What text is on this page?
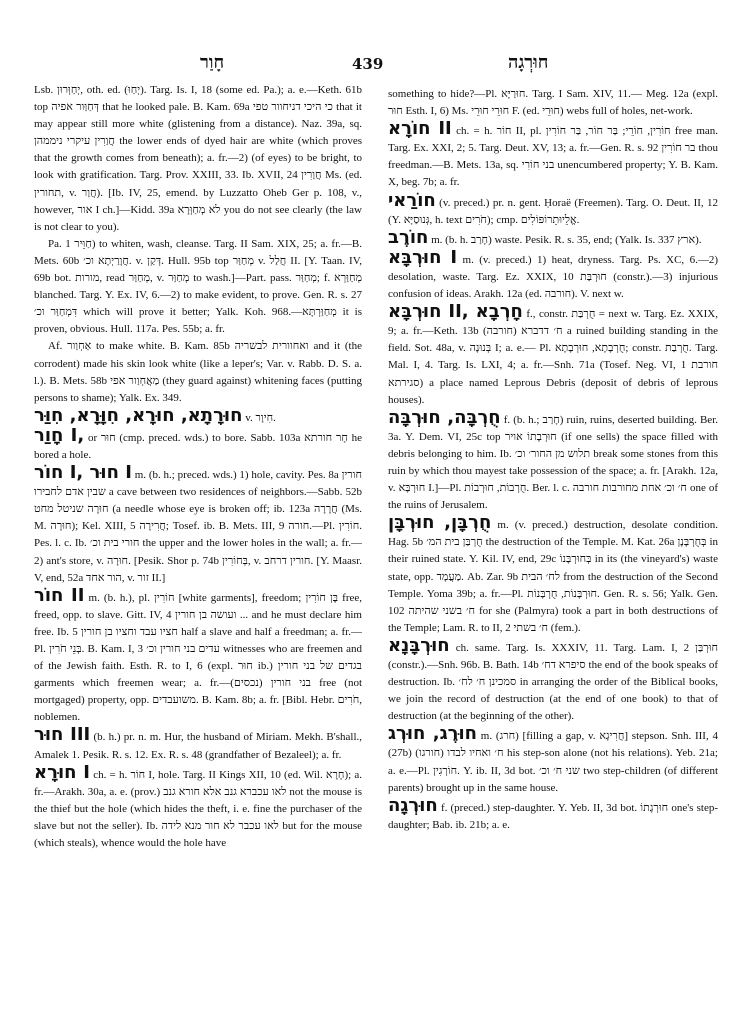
חָוַר	439	חוּרְגָה

Lsb. יְחַוְּרוּן, oth. ed. (יְחַוּ). Targ. Is. I, 18 (some ed. Pa.); a. e.—Keth. 61b top דְּחַוַּור אפיה that he looked pale. B. Kam. 69a כי היכי דניחוור טפי that it may appear still more white (glistening from a distance). Naz. 39a, sq. חֲוַרִין עיקרי ניממהן the lower ends of dyed hair are white (which proves that the growth comes from beneath); a. fr.—2) (of eyes) to be bright, to look with gratification. Targ. Prov. XXIII, 33. Ib. XVII, 24 חֲוַרִין Ms. (ed. תחורין, v. חֲוַר). [Ib. IV, 25, emend. by Luzzatto Oheb Ger p. 108, v., however, אור I ch.]—Kidd. 39a לא מְחַוְּרָא you do not see clearly (the law is not clear to you).

Pa. חַוֵּיר 1) to whiten, wash, cleanse. Targ. II Sam. XIX, 25; a. fr.—B. Mets. 60b חֲוָרַיְתָא וכ׳. v. דְּקַן. Hull. 95b top מְחַוַּר v. חֲלַל II. [Y. Taan. IV, 69b bot. מורות, read מְחַוַּר, v. מְחַוַּר to wash.]—Part. pass. מְחַוַּר; f. מְחַוַּרְא blanched. Targ. Y. Ex. IV, 6.—2) to make evident, to prove. Gen. R. s. 27 דִּמְחַוַּר וכ׳ which will prove it better; Yalk. Koh. 968.—מְחַוַּרְתָּא it is proven, obvious. Hull. 117a. Pes. 55b; a. fr.

Af. אַחְוַור to make white. B. Kam. 85b ואחוורית לבשריה and it (the corrodent) made his skin look white (like a leper's; Var. v. Rabb. D. S. a. l.). B. Mets. 58b מַאֲחְוַור אפי (they guard against) whitening faces (putting persons to shame); Yalk. Ex. 349.

חוּרָתָא, חוּרָא, חִוָּרָא, חִוַּר v. חִיוָר.

חָוַר I, or חוּר (cmp. preced. wds.) to bore. Sabb. 103a חָר חורתא he bored a hole.

חוֹר I, חוּר I m. (b. h.; preced. wds.) 1) hole, cavity. Pes. 8a חורין שבין אדם לחבירו a cave between two residences of neighbors.—Sabb. 52b חוּרָה שניטל מחט (a needle whose eye is broken off; ib. 123a חֲרָרָה (Ms. M. חוּרָה); Kel. XIII, 5 חֲרִירָה; Tosef. ib. B. Mets. III, 9 חורה.—Pl. חוֹרִין. Pes. l. c. Ib. חורי בית וכ׳ the upper and the lower holes in the wall; a. fr.—2) ant's store, v. חוּרָה. [Pesik. Shor p. 74b בְּחוֹרִין, v. חורין דרחב. [Y. Maasr. V, end, 52a הור אחד, v. זור II.]

חוֹר II m. (b. h.), pl. חוֹרִין [white garments], freedom; בֶּן חוֹרִין free, freed, opp. to slave. Gitt. IV, 4 ועושה בן חורין ... and he must declare him free. Ib. 5 חציו עבד וחציו בן חורין half a slave and half a freedman; a. fr.—Pl. בְּנֵי חֹרִין. B. Kam. I, 3 עדים בני חורין וכ׳ witnesses who are freemen and of the Jewish faith. Esth. R. to I, 6 (expl. חוּר ib.) בגדים של בני חורין garments which freemen wear; a. fr.—בני חורין (נכסים) free (not mortgaged) property, opp. משועבדים. B. Kam. 8b; a. fr. [Bibl. Hebr. חֹרִים, noblemen.

חוּר III (b. h.) pr. n. m. Hur, the husband of Miriam. Mekh. B'shall., Amalek 1. Pesik. R. s. 12. Ex. R. s. 48 (grandfather of Bezaleel); a. fr.

חוּרָא I ch. = h. חוֹר I, hole. Targ. II Kings XII, 10 (ed. Wil. חָרָא); a. fr.—Arakh. 30a, a. e. (prov.) לאו עכברא גנב אלא חורא גנב not the mouse is the thief but the hole (which hides the theft, i. e. fine the purchaser of the slave but not the seller). Ib. לאו עכבר לא חור מנא לידה but for the mouse (which steals), whence would the hole have

something to hide?—Pl. חוּרַיָּא. Targ. I Sam. XIV, 11.— Meg. 12a (expl. חוּר Esth. I, 6) Ms. חוּרֵי חוּרֵי F. (ed. חוּרֵי) webs full of holes, net-work.

חוֹרָא II ch. = h. חוֹר II, pl. חוֹרִין, חוֹרֵי; בַּר חוֹר, בַּר חוֹרִין free man. Targ. Ex. XXI, 2; 5. Targ. Deut. XV, 13; a. fr.—Gen. R. s. 92 בר חוֹרִין thou freedman.—B. Mets. 13a, sq. בני חוֹרִי unencumbered property; Y. B. Kam. X, beg. 7b; a. fr.

חוֹרַאי (v. preced.) pr. n. gent. Ḥoraë (Freemen). Targ. O. Deut. II, 12 (Y. גְּנוּסַיָּא, h. text חֹרִים); cmp. אֱלֵיוּתֵרוֹפּוֹלִים.

חוֹרֶב m. (b. h. חָרַב) waste. Pesik. R. s. 35, end; (Yalk. Is. 337 ארץ).

חוּרְבָּא I m. (v. preced.) 1) heat, dryness. Targ. Ps. XC, 6.—2) desolation, waste. Targ. Ez. XXIX, 10 חוּרְבַּת (constr.).—3) injurious confusion of ideas. Arakh. 12a (ed. חורבה). V. next w.

חוּרְבָּא II, חָרְבָא f., constr. חֻרְבַּת = next w. Targ. Ez. XXIX, 9; a. fr.—Keth. 13b (חורבה) ח׳ דדברא a ruined building standing in the field. Sot. 48a, v. בְּנוּנָה I; a. e.— Pl. חֻרְבָתָא, חוּרְבָתָא; constr. חֻרְבַת. Targ. Mal. I, 4. Targ. Is. LXI, 4; a. fr.—Snh. 71a (Tosef. Neg. VI, 1 חורבת סגירתא) a place named Leprous Debris (deposit of debris of leprous houses).

חֻרְבָּה, חוּרְבָּה f. (b. h.; חָרַב) ruin, ruins, deserted building. Ber. 3a. Y. Dem. VI, 25c top חוּרְבָתוֹ אויר (if one sells) the space filled with debris belonging to him. Ib. תלוש מן החור׳ וכ׳ break some stones from this ruin by which thou mayest take possession of the space; a. fr. [Arakh. 12a, v. חוּרְבָּא I.]—Pl. חֻרְבוֹת, חוּרְבוֹת. Ber. l. c. ח׳ וכ׳ אחת מחורבות חורבה one of the ruins of Jerusalem.

חֻרְבָּן, חוּרְבָּן m. (v. preced.) destruction, desolate condition. Hag. 5b חֻרְבַּן בית המ׳ the destruction of the Temple. M. Kat. 26a בְּחֻרְבָּנָן in their ruined state. Y. Kil. IV, end, 29c בְּחוּרְבָּנוֹ in its (the vineyard's) waste state, opp. מַעֲמָד. Ab. Zar. 9b לח׳ הבית from the destruction of the Second Temple. Yoma 39b; a. fr.—Pl. חוּרְבָּנוֹת, חֻרְבָּנוֹת. Gen. R. s. 56; Yalk. Gen. 102 ח׳ בשני שהיתה for she (Palmyra) took a part in both destructions of the Temple; Lam. R. to II, 2 ח׳ בשתי (fem.).

חוּרְבָּנָא ch. same. Targ. Is. XXXIV, 11. Targ. Lam. I, 2 חוּרְבַּן (constr.).—Snh. 96b. B. Bath. 14b סיפרא דח׳ the end of the book speaks of destruction. Ib. סמכינן ח׳ לח׳ in arranging the order of the Biblical books, we join the record of destruction (at the end of one book) to that of destruction (at the beginning of the other).

חוּרֶג, חוּרְג m. (חרג) [filling a gap, v. חֲרִיגָא] stepson. Snh. III, 4 (27b) (חורגו) ח׳ ואחיו לבדו his step-son alone (not his relations). Yeb. 21a; a. e.—Pl. חוֹרְגִין. Y. ib. II, 3d bot. שני ח׳ וכ׳ two step-children (of different parents) brought up in the same house.

חוּרְגָה f. (preced.) step-daughter. Y. Yeb. II, 3d bot. חוּרְגָתוֹ one's step-daughter; Bab. ib. 21b; a. e.
